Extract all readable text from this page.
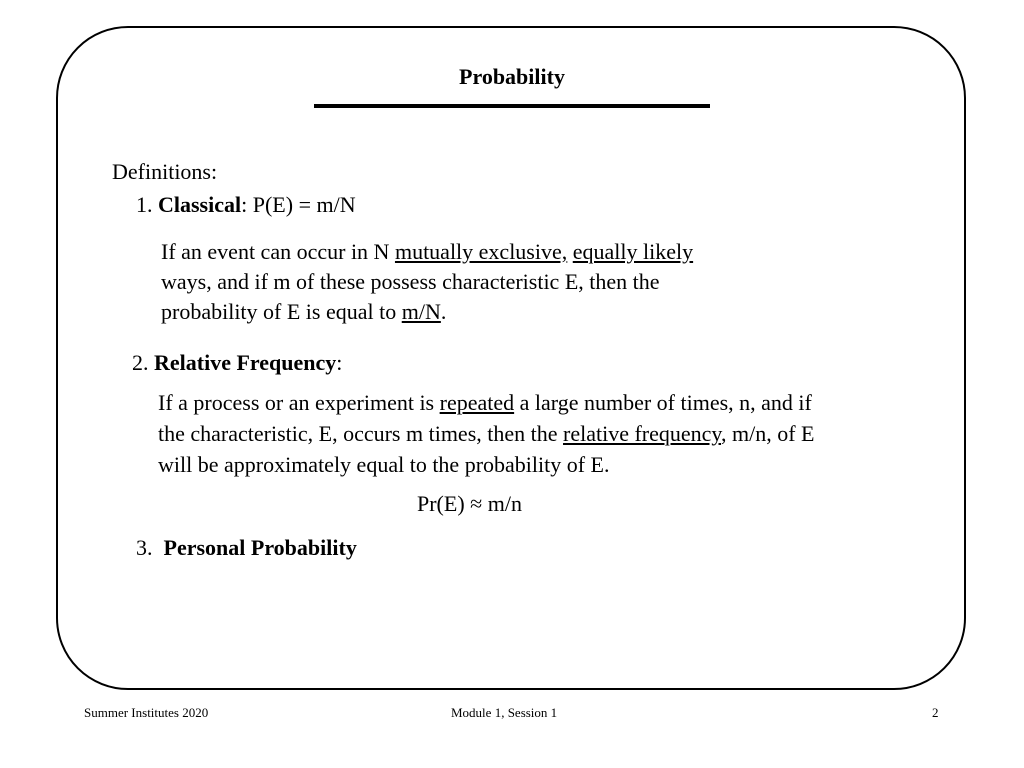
Probability
Definitions:
1. Classical: P(E) = m/N
If an event can occur in N mutually exclusive, equally likely
ways, and if m of these possess characteristic E, then the
probability of E is equal to m/N.
2. Relative Frequency:
If a process or an experiment is repeated a large number of times, n, and if
the characteristic, E, occurs m times, then the relative frequency, m/n, of E
will be approximately equal to the probability of E.
Pr(E) ≈ m/n
3. Personal Probability
Summer Institutes 2020	Module 1, Session 1	2
